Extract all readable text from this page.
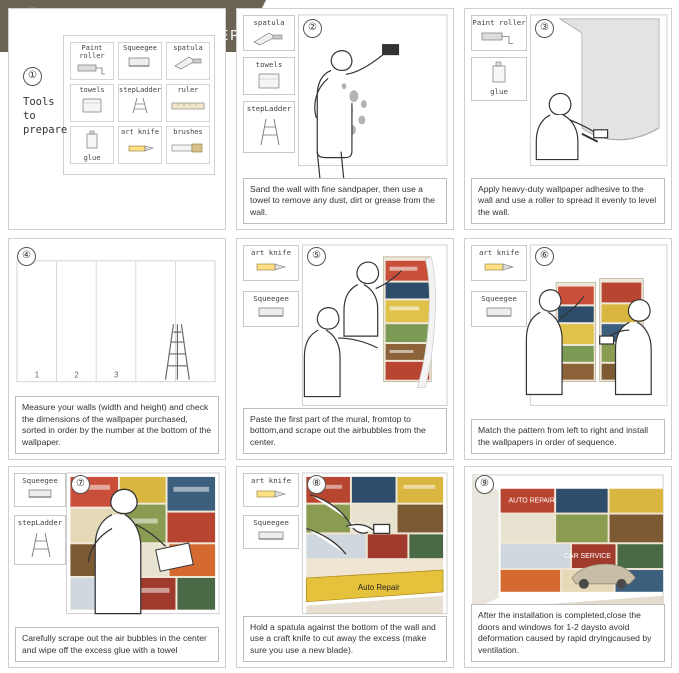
①
Paint roller
Squeegee	spatula
towels	stepLadder	ruler
glue
art knife	brushes
Tools
to
prepare
spatula
towels
stepLadder
②
Sand the wall with fine sandpaper, then use a towel to remove any dust, dirt or grease from the wall.
Paint roller
glue
③
Apply heavy-duty wallpaper adhesive to the wall and use a roller to spread it evenly to level the wall.
④
1	2	3
Measure your walls (width and height) and check the dimensions of the wallpaper purchased, sorted in order by the number at the bottom of the wallpaper.
art knife
Squeegee
⑤
Paste the first part of the mural, fromtop to bottom,and scrape out the airbubbles from the center.
art knife
Squeegee
⑥
Match the pattern from left to right and install the wallpapers in order of sequence.
Squeegee
stepLadder
⑦
Carefully scrape out the air bubbles in the center and wipe off the excess glue with a towel
art knife
Squeegee
⑧
Auto Repair
Hold a spatula against the bottom of the wall and use a craft knife to cut away the excess (make sure you use a new blade).
⑨
AUTO REPAIR
CAR SERVICE
After the installation is completed,close the doors and windows for 1-2 daysto avoid deformation caused by rapid dryingcaused by ventilation.
